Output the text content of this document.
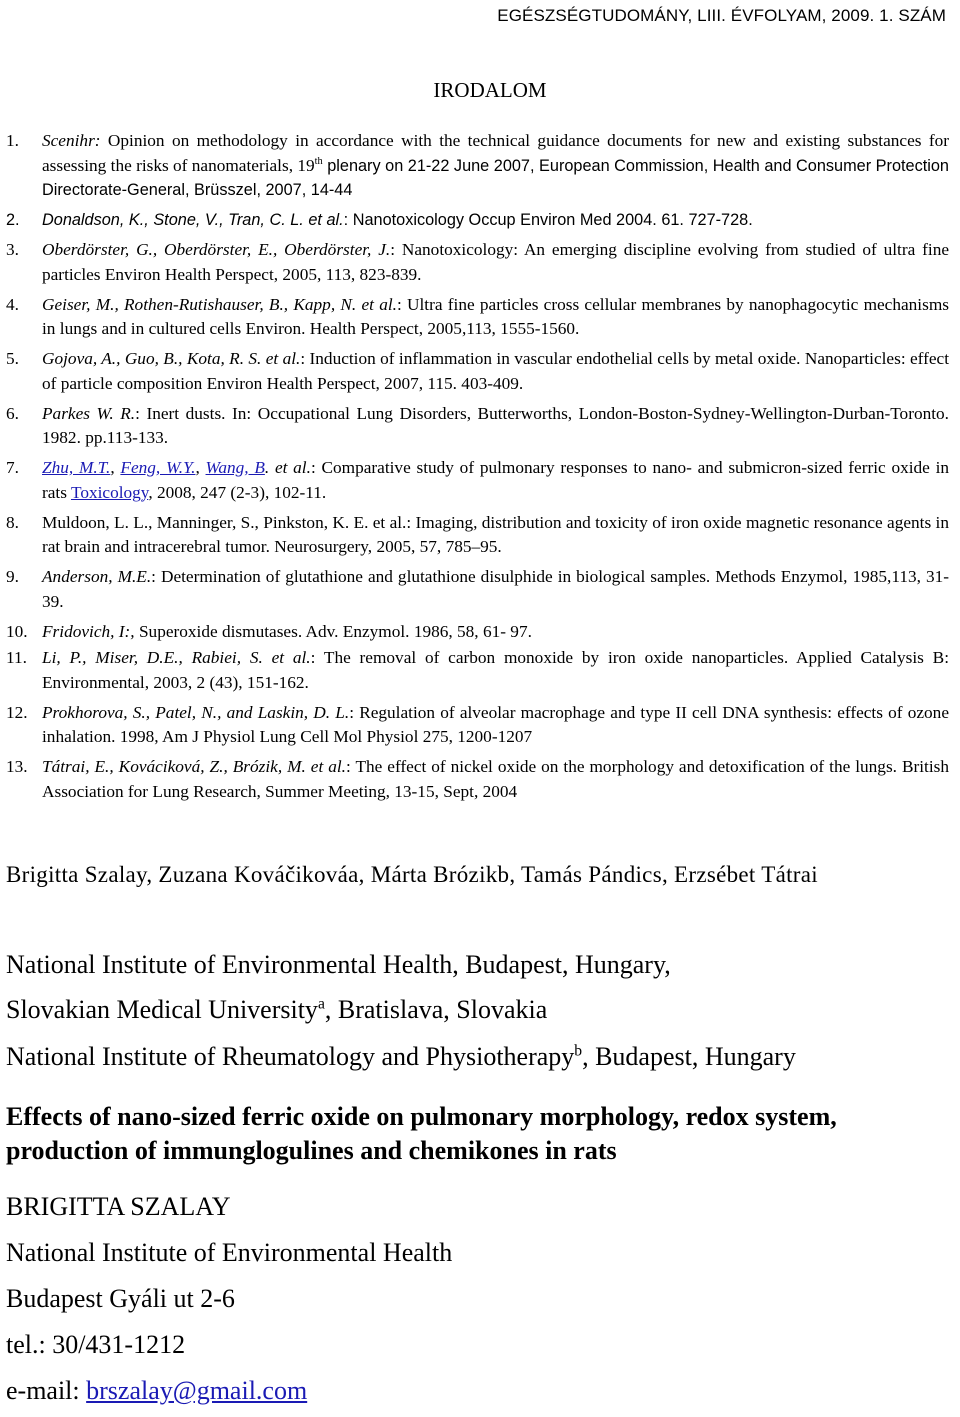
EGÉSZSÉGTUDOMÁNY, LIII. ÉVFOLYAM, 2009. 1. SZÁM
IRODALOM
1. Scenihr: Opinion on methodology in accordance with the technical guidance documents for new and existing substances for assessing the risks of nanomaterials, 19th plenary on 21-22 June 2007, European Commission, Health and Consumer Protection Directorate-General, Brüsszel, 2007, 14-44
2. Donaldson, K., Stone, V., Tran, C. L. et al.: Nanotoxicology Occup Environ Med 2004. 61. 727-728.
3. Oberdörster, G., Oberdörster, E., Oberdörster, J.: Nanotoxicology: An emerging discipline evolving from studied of ultra fine particles Environ Health Perspect, 2005, 113, 823-839.
4. Geiser, M., Rothen-Rutishauser, B., Kapp, N. et al.: Ultra fine particles cross cellular membranes by nanophagocytic mechanisms in lungs and in cultured cells Environ. Health Perspect, 2005,113, 1555-1560.
5. Gojova, A., Guo, B., Kota, R. S. et al.: Induction of inflammation in vascular endothelial cells by metal oxide. Nanoparticles: effect of particle composition Environ Health Perspect, 2007, 115. 403-409.
6. Parkes W. R.: Inert dusts. In: Occupational Lung Disorders, Butterworths, London-Boston-Sydney-Wellington-Durban-Toronto. 1982. pp.113-133.
7. Zhu, M.T., Feng, W.Y., Wang, B. et al.: Comparative study of pulmonary responses to nano- and submicron-sized ferric oxide in rats Toxicology, 2008, 247 (2-3), 102-11.
8. Muldoon, L. L., Manninger, S., Pinkston, K. E. et al.: Imaging, distribution and toxicity of iron oxide magnetic resonance agents in rat brain and intracerebral tumor. Neurosurgery, 2005, 57, 785–95.
9. Anderson, M.E.: Determination of glutathione and glutathione disulphide in biological samples. Methods Enzymol, 1985,113, 31-39.
10. Fridovich, I:, Superoxide dismutases. Adv. Enzymol. 1986, 58, 61- 97.
11. Li, P., Miser, D.E., Rabiei, S. et al.: The removal of carbon monoxide by iron oxide nanoparticles. Applied Catalysis B: Environmental, 2003, 2 (43), 151-162.
12. Prokhorova, S., Patel, N., and Laskin, D. L.: Regulation of alveolar macrophage and type II cell DNA synthesis: effects of ozone inhalation. 1998, Am J Physiol Lung Cell Mol Physiol 275, 1200-1207
13. Tátrai, E., Kováciková, Z., Brózik, M. et al.: The effect of nickel oxide on the morphology and detoxification of the lungs. British Association for Lung Research, Summer Meeting, 13-15, Sept, 2004
Brigitta Szalay, Zuzana Kováčikováa, Márta Brózikb, Tamás Pándics, Erzsébet Tátrai
National Institute of Environmental Health, Budapest, Hungary,
Slovakian Medical University$^a$, Bratislava, Slovakia
National Institute of Rheumatology and Physiotherapy$^b$, Budapest, Hungary
Effects of nano-sized ferric oxide on pulmonary morphology, redox system, production of immunglogulines and chemikones in rats
BRIGITTA SZALAY
National Institute of Environmental Health
Budapest Gyáli ut 2-6
tel.: 30/431-1212
e-mail: brszalay@gmail.com
